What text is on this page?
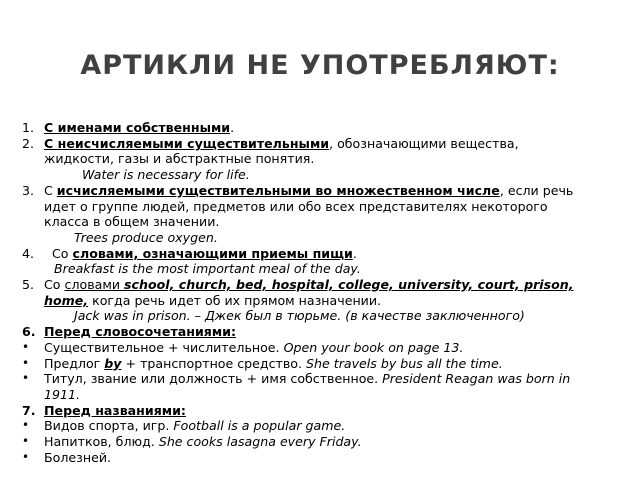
АРТИКЛИ НЕ УПОТРЕБЛЯЮТ:
1. С именами собственными.
2. С неисчисляемыми существительными, обозначающими вещества,
жидкости, газы и абстрактные понятия.
Water is necessary for life.
3. С исчисляемыми существительными во множественном числе, если речь
идет о группе людей, предметов или обо всех представителях некоторого
класса в общем значении.
Trees produce oxygen.
4.	Со словами, означающими приемы пищи.
Breakfast is the most important meal of the day.
5. Со словами school, church, bed, hospital, college, university, court, prison,
home, когда речь идет об их прямом назначении.
Jack was in prison. – Джек был в тюрьме. (в качестве заключенного)
6. Перед словосочетаниями:
•	Существительное + числительное. Open your book on page 13.
•	Предлог by + транспортное средство. She travels by bus all the time.
•	Титул, звание или должность + имя собственное. President Reagan was born in
1911.
7. Перед названиями:
•	Видов спорта, игр. Football is a popular game.
•	Напитков, блюд. She cooks lasagna every Friday.
•	Болезней.
